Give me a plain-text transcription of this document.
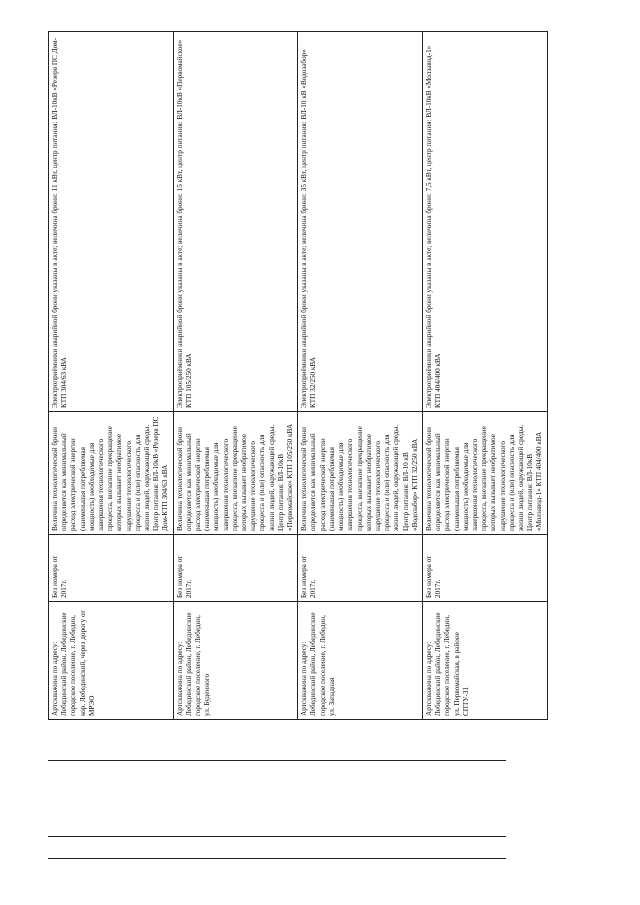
Артскважина по адресу: Лебединский район, Лебединские городское поселение, г. Лебедин, кор. Лебединский, через дорогу от МРЭО	Без номера от 2017г.	Величина технологической брони определяется как минимальный расход электрической энергии (наименьшая потребляемая мощность) необходимые для завершения технологического процесса, внезапное прекращение которых вызывает необратимое нарушение технологического процесса и (или) опасность для жизни людей, окружающей среды. Центр питания: ВЛ-10кВ «Резерв ПС Дом-КТП 304/63 кВА	Электроприёмники аварийной брони указаны в акте; величина брони: 11 кВт, центр питания: ВЛ-10кВ «Резерв ПС Дом-КТП 304/63 кВА
Артскважина по адресу: Лебединский район, Лебединские городское поселение, г. Лебедин, ул. Буденного	Без номера от 2017г.	Величина технологической брони определяется как минимальный расход электрической энергии (наименьшая потребляемая мощность) необходимые для завершения технологического процесса, внезапное прекращение которых вызывает необратимое нарушение технологического процесса и (или) опасность для жизни людей, окружающей среды. Центр питания: ВЛ-10кВ «Первомайское» КТП 105/250 кВА	Электроприёмники аварийной брони указаны в акте; величина брони: 15 кВт, центр питания: ВЛ-10кВ «Первомайское» КТП 105/250 кВА
Артскважина по адресу: Лебединский район, Лебединские городское поселение, г. Лебедин, ул. Западная	Без номера от 2017г.	Величина технологической брони определяется как минимальный расход электрической энергии (наименьшая потребляемая мощность) необходимые для завершения технологического процесса, внезапное прекращение которых вызывает необратимое нарушение технологического процесса и (или) опасность для жизни людей, окружающей среды. Центр питания: ВЛ-10 кВ «Водозабор» КТП 32/250 кВА	Электроприёмники аварийной брони указаны в акте; величина брони: 35 кВт, центр питания: ВЛ-10 кВ «Водозабор» КТП 32/250 кВА
Артскважина по адресу: Лебединский район, Лебединские городское поселение, г. Лебедин, ул. Первомайская, в районе СПТУ-31	Без номера от 2017г.	Величина технологической брони определяется как минимальный расход электрической энергии (наименьшая потребляемая мощность) необходимые для завершения технологического процесса, внезапное прекращение которых вызывает необратимое нарушение технологического процесса и (или) опасность для жизни людей, окружающей среды. Центр питания: ВЛ-10кВ «Молзавод-1» КТП 404/400 кВА	Электроприёмники аварийной брони указаны в акте; величина брони: 7,5 кВт, центр питания: ВЛ-10кВ «Молзавод-1» КТП 404/400 кВА
